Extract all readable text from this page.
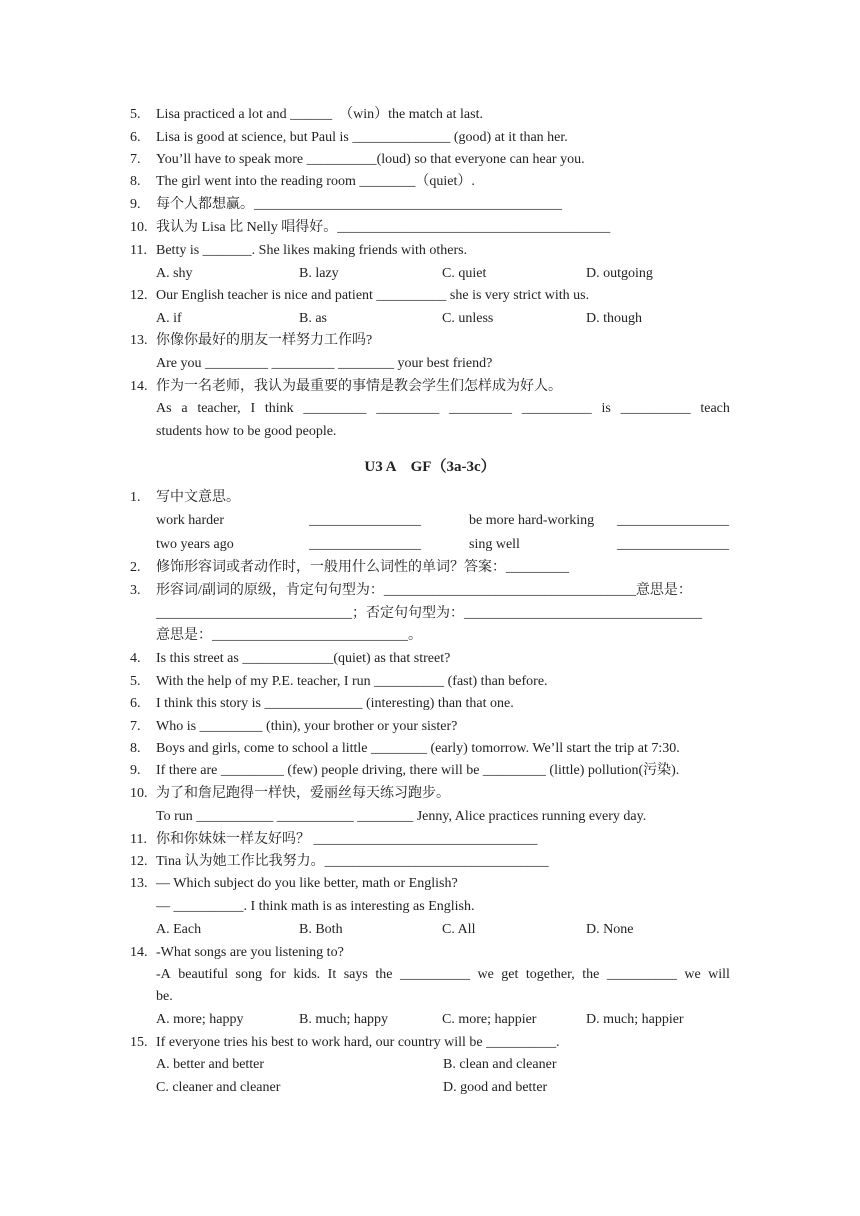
5. Lisa practiced a lot and ______　（win）the match at last.
6. Lisa is good at science, but Paul is ______________ (good) at it than her.
7. You’ll have to speak more __________(loud) so that everyone can hear you.
8. The girl went into the reading room ________（quiet）.
9. 每个人都想赢。____________________________________________
10. 我认为 Lisa 比 Nelly 唱得好。_______________________________________
11. Betty is _______. She likes making friends with others.
A. shy	B. lazy	C. quiet	D. outgoing
12. Our English teacher is nice and patient __________ she is very strict with us.
A. if	B. as	C. unless	D. though
13. 你像你最好的朋友一样努力工作吗?
Are you _________ _________ ________ your best friend?
14. 作为一名老师，我认为最重要的事情是教会学生们怎样成为好人。
As a teacher, I think _________ _________ _________ __________ is __________ teach
students how to be good people.
U3 A　GF（3a-3c）
1. 写中文意思。
work harder	________________	be more hard-working ________________
two years ago	________________	sing well	________________
2. 修饰形容词或者动作时，一般用什么词性的单词？答案：_________
3. 形容词/副词的原级，肯定句句型为：____________________________________意思是：
____________________________；否定句句型为：__________________________________
意思是：____________________________。
4. Is this street as _____________(quiet) as that street?
5. With the help of my P.E. teacher, I run __________ (fast) than before.
6. I think this story is ______________ (interesting) than that one.
7. Who is _________ (thin), your brother or your sister?
8. Boys and girls, come to school a little ________ (early) tomorrow. We’ll start the trip at 7:30.
9. If there are _________ (few) people driving, there will be _________ (little) pollution(污染).
10. 为了和詹尼跑得一样快，爱丽丝每天练习跑步。
To run ___________ ___________ ________ Jenny, Alice practices running every day.
11. 你和你妹妹一样友好吗？ ________________________________
12. Tina 认为她工作比我努力。________________________________
13. — Which subject do you like better, math or English?
— __________. I think math is as interesting as English.
A. Each	B. Both	C. All	D. None
14. -What songs are you listening to?
-A beautiful song for kids. It says the __________ we get together, the __________ we will
be.
A. more; happy	B. much; happy	C. more; happier	D. much; happier
15. If everyone tries his best to work hard, our country will be __________.
A. better and better	B. clean and cleaner
C. cleaner and cleaner	D. good and better
